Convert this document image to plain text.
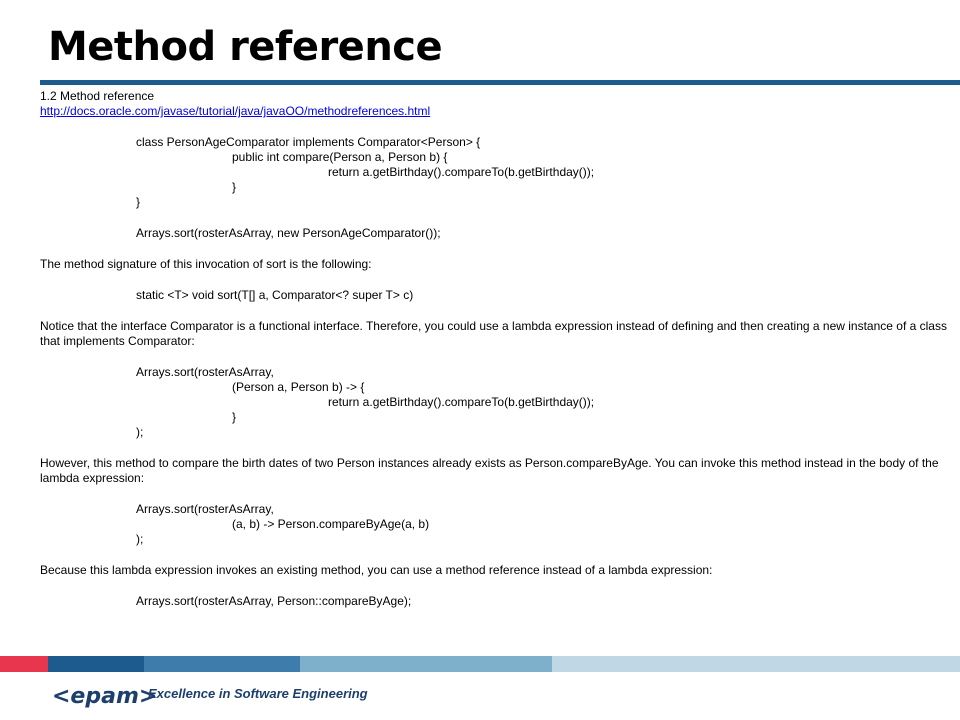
Method reference
1.2 Method reference
http://docs.oracle.com/javase/tutorial/java/javaOO/methodreferences.html
class PersonAgeComparator implements Comparator<Person> {
public int compare(Person a, Person b) {
return a.getBirthday().compareTo(b.getBirthday());
}
}
Arrays.sort(rosterAsArray, new PersonAgeComparator());
The method signature of this invocation of sort is the following:
static <T> void sort(T[] a, Comparator<? super T> c)
Notice that the interface Comparator is a functional interface. Therefore, you could use a lambda expression instead of defining and then creating a new instance of a class that implements Comparator:
Arrays.sort(rosterAsArray,
(Person a, Person b) -> {
return a.getBirthday().compareTo(b.getBirthday());
}
);
However, this method to compare the birth dates of two Person instances already exists as Person.compareByAge. You can invoke this method instead in the body of the lambda expression:
Arrays.sort(rosterAsArray,
(a, b) -> Person.compareByAge(a, b)
);
Because this lambda expression invokes an existing method, you can use a method reference instead of a lambda expression:
Arrays.sort(rosterAsArray, Person::compareByAge);
<epam>
Excellence in Software Engineering
